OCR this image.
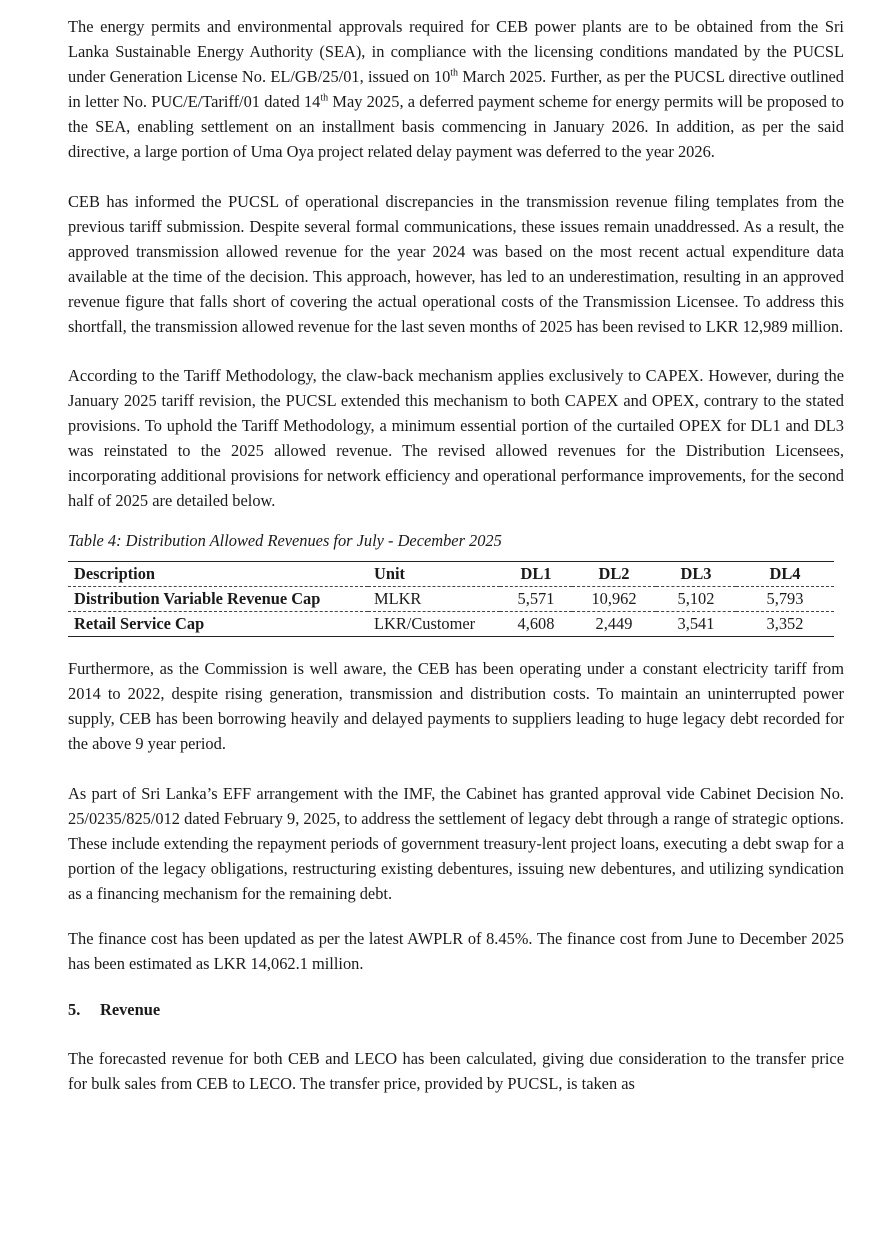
The energy permits and environmental approvals required for CEB power plants are to be obtained from the Sri Lanka Sustainable Energy Authority (SEA), in compliance with the licensing conditions mandated by the PUCSL under Generation License No. EL/GB/25/01, issued on 10th March 2025. Further, as per the PUCSL directive outlined in letter No. PUC/E/Tariff/01 dated 14th May 2025, a deferred payment scheme for energy permits will be proposed to the SEA, enabling settlement on an installment basis commencing in January 2026. In addition, as per the said directive, a large portion of Uma Oya project related delay payment was deferred to the year 2026.

CEB has informed the PUCSL of operational discrepancies in the transmission revenue filing templates from the previous tariff submission. Despite several formal communications, these issues remain unaddressed. As a result, the approved transmission allowed revenue for the year 2024 was based on the most recent actual expenditure data available at the time of the decision. This approach, however, has led to an underestimation, resulting in an approved revenue figure that falls short of covering the actual operational costs of the Transmission Licensee. To address this shortfall, the transmission allowed revenue for the last seven months of 2025 has been revised to LKR 12,989 million.

According to the Tariff Methodology, the claw-back mechanism applies exclusively to CAPEX. However, during the January 2025 tariff revision, the PUCSL extended this mechanism to both CAPEX and OPEX, contrary to the stated provisions. To uphold the Tariff Methodology, a minimum essential portion of the curtailed OPEX for DL1 and DL3 was reinstated to the 2025 allowed revenue. The revised allowed revenues for the Distribution Licensees, incorporating additional provisions for network efficiency and operational performance improvements, for the second half of 2025 are detailed below.

Table 4: Distribution Allowed Revenues for July - December 2025
Description	Unit	DL1	DL2	DL3	DL4
Distribution Variable Revenue Cap	MLKR	5,571	10,962	5,102	5,793
Retail Service Cap	LKR/Customer	4,608	2,449	3,541	3,352

Furthermore, as the Commission is well aware, the CEB has been operating under a constant electricity tariff from 2014 to 2022, despite rising generation, transmission and distribution costs. To maintain an uninterrupted power supply, CEB has been borrowing heavily and delayed payments to suppliers leading to huge legacy debt recorded for the above 9 year period.

As part of Sri Lanka’s EFF arrangement with the IMF, the Cabinet has granted approval vide Cabinet Decision No. 25/0235/825/012 dated February 9, 2025, to address the settlement of legacy debt through a range of strategic options. These include extending the repayment periods of government treasury-lent project loans, executing a debt swap for a portion of the legacy obligations, restructuring existing debentures, issuing new debentures, and utilizing syndication as a financing mechanism for the remaining debt.

The finance cost has been updated as per the latest AWPLR of 8.45%. The finance cost from June to December 2025 has been estimated as LKR 14,062.1 million.

5. Revenue

The forecasted revenue for both CEB and LECO has been calculated, giving due consideration to the transfer price for bulk sales from CEB to LECO. The transfer price, provided by PUCSL, is taken as
